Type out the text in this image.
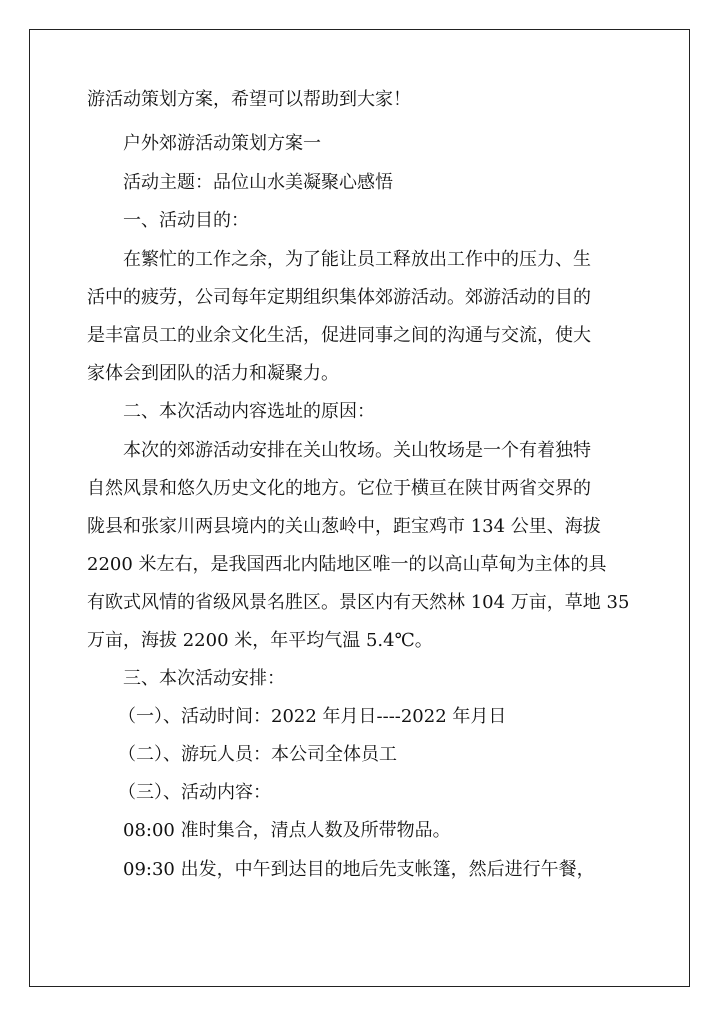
游活动策划方案，希望可以帮助到大家！
户外郊游活动策划方案一
活动主题：品位山水美凝聚心感悟
一、活动目的：
在繁忙的工作之余，为了能让员工释放出工作中的压力、生
活中的疲劳，公司每年定期组织集体郊游活动。郊游活动的目的
是丰富员工的业余文化生活，促进同事之间的沟通与交流，使大
家体会到团队的活力和凝聚力。
二、本次活动内容选址的原因：
本次的郊游活动安排在关山牧场。关山牧场是一个有着独特
自然风景和悠久历史文化的地方。它位于横亘在陕甘两省交界的
陇县和张家川两县境内的关山葱岭中，距宝鸡市 134 公里、海拔
2200 米左右，是我国西北内陆地区唯一的以高山草甸为主体的具
有欧式风情的省级风景名胜区。景区内有天然林 104 万亩，草地 35
万亩，海拔 2200 米，年平均气温 5.4℃。
三、本次活动安排：
（一）、活动时间：2022 年月日----2022 年月日
（二）、游玩人员：本公司全体员工
（三）、活动内容：
08:00 准时集合，清点人数及所带物品。
09:30 出发，中午到达目的地后先支帐篷，然后进行午餐，
